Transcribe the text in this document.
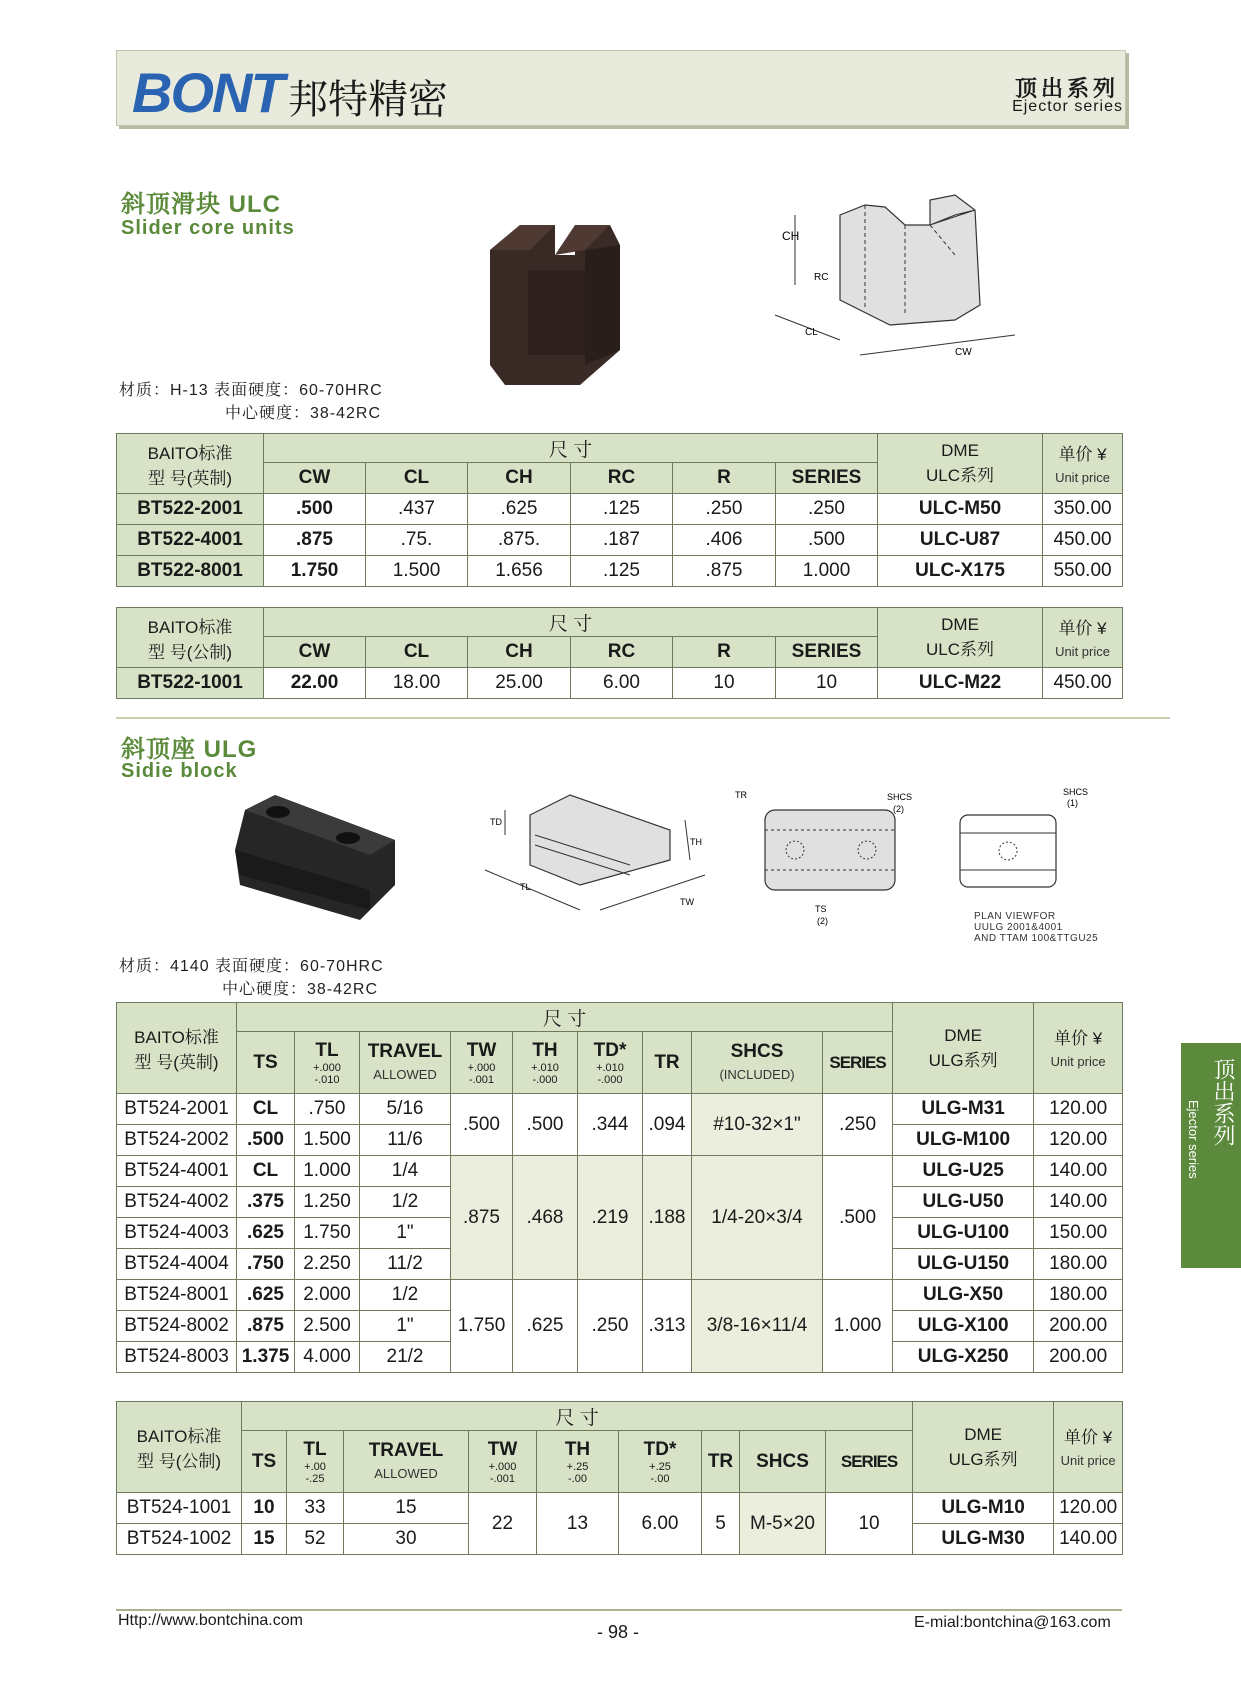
BONT 邦特精密	顶出系列
Ejector series
斜顶滑块 ULC
Slider core units	CH
RC
CL
CW
材质：H-13 表面硬度：60-70HRC
中心硬度：38-42RC
BAITO标准
型 号(英制)	尺 寸						DME
ULC系列	单价 ¥
Unit price
	CW	CL	CH	RC	R	SERIES		
BT522-2001	.500	.437	.625	.125	.250	.250	ULC-M50	350.00
BT522-4001	.875	.75.	.875.	.187	.406	.500	ULC-U87	450.00
BT522-8001	1.750	1.500	1.656	.125	.875	1.000	ULC-X175	550.00
BAITO标准
型 号(公制)	尺 寸						DME
ULC系列	单价 ¥
Unit price
	CW	CL	CH	RC	R	SERIES		
BT522-1001	22.00	18.00	25.00	6.00	10	10	ULC-M22	450.00
斜顶座 ULG
Sidie block
TD
TH
TL
TW
TR	SHCS
(2)
TS
(2)
SHCS
(1)
PLAN VIEWFOR
UULG 2001&4001
AND TTAM 100&TTGU25
材质：4140 表面硬度：60-70HRC
中心硬度：38-42RC
BAITO标准
型 号(英制)	尺 寸									DME
ULG系列	单价 ¥
Unit price
	TS	TL
+.000
-.010	TRAVEL
ALLOWED	TW
+.000
-.001	TH
+.010
-.000	TD*
+.010
-.000	TR	SHCS
(INCLUDED)	SERIES		
BT524-2001	CL	.750	5/16	.500	.500	.344	.094	#10-32×1"	.250	ULG-M31	120.00
BT524-2002	.500	1.500	11/6							ULG-M100	120.00
BT524-4001	CL	1.000	1/4	.875	.468	.219	.188	1/4-20×3/4	.500	ULG-U25	140.00
BT524-4002	.375	1.250	1/2							ULG-U50	140.00
BT524-4003	.625	1.750	1"							ULG-U100	150.00
BT524-4004	.750	2.250	11/2							ULG-U150	180.00
BT524-8001	.625	2.000	1/2	1.750	.625	.250	.313	3/8-16×11/4	1.000	ULG-X50	180.00
BT524-8002	.875	2.500	1"							ULG-X100	200.00
BT524-8003	1.375	4.000	21/2							ULG-X250	200.00
BAITO标准
型 号(公制)	尺 寸									DME
ULG系列	单价 ¥
Unit price
	TS	TL
+.00
-.25	TRAVEL
ALLOWED	TW
+.000
-.001	TH
+.25
-.00	TD*
+.25
-.00	TR	SHCS	SERIES		
BT524-1001	10	33	15	22	13	6.00	5	M-5×20	10	ULG-M10	120.00
BT524-1002	15	52	30							ULG-M30	140.00
顶出系列
Ejector series
Http://www.bontchina.com
- 98 -	E-mial:bontchina@163.com
